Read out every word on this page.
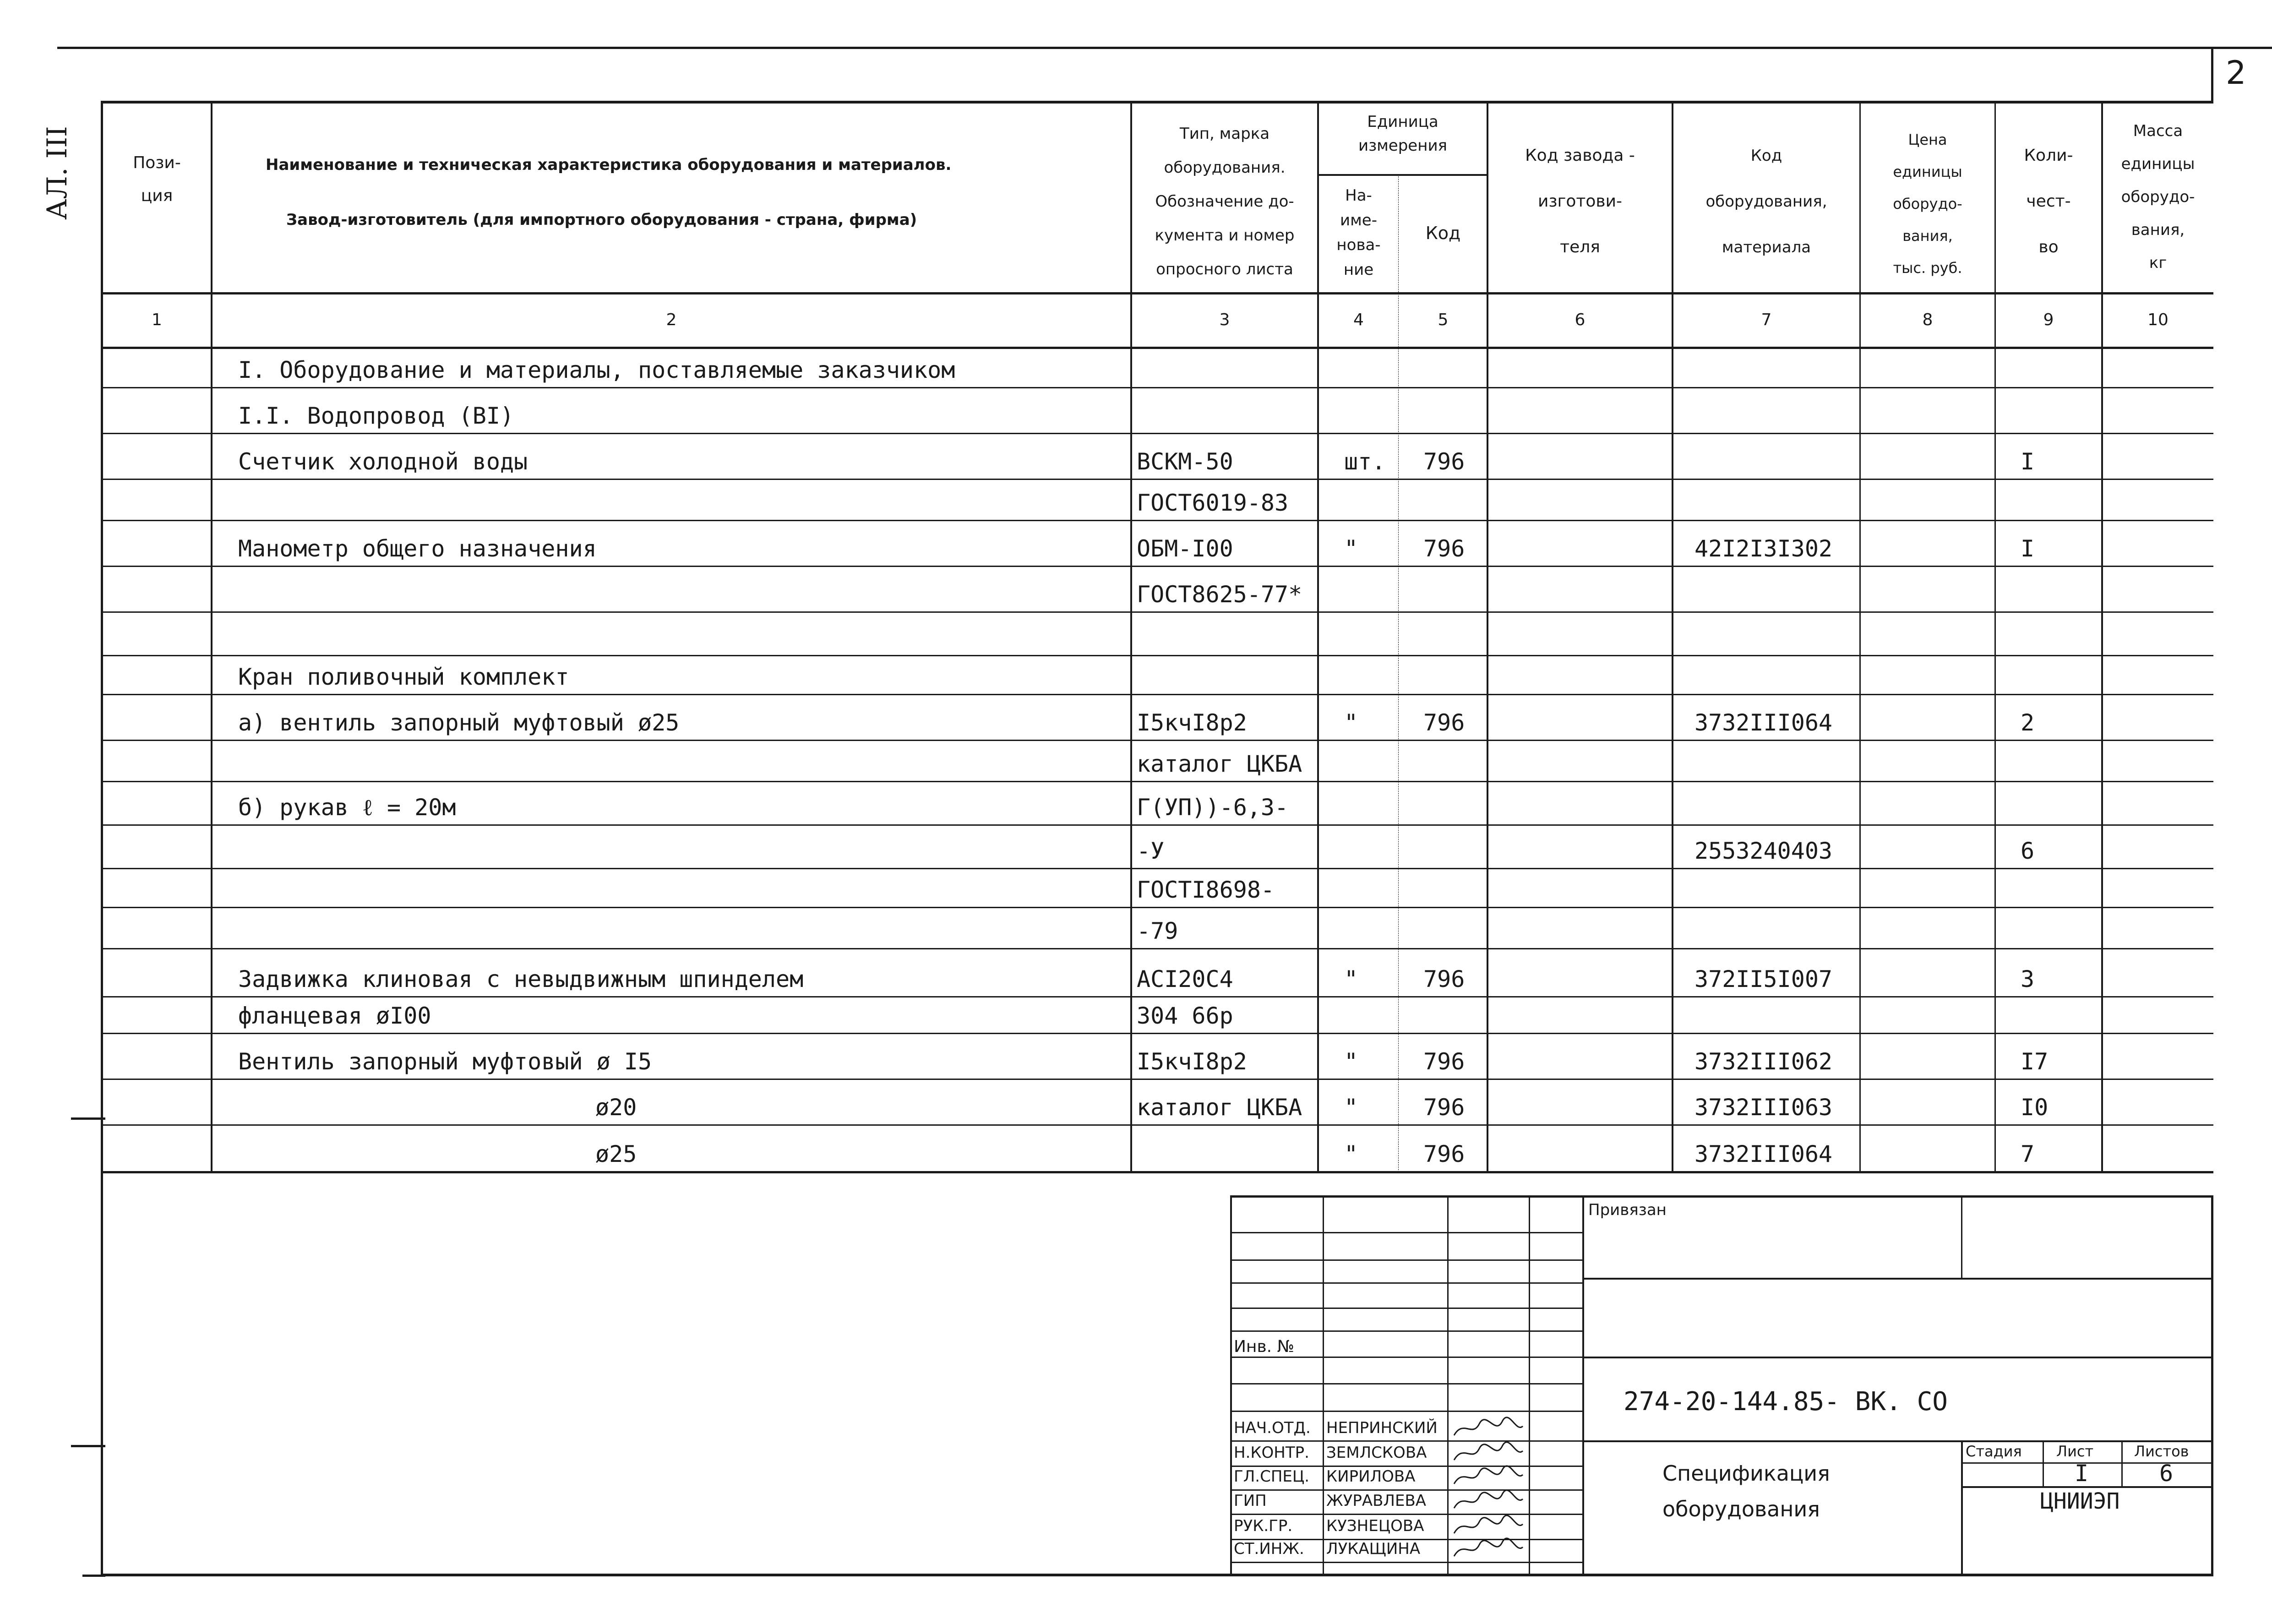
2
АЛ. III	Пози-
ция
Наименование и техническая характеристика оборудования и материалов.
Завод-изготовитель (для импортного оборудования - страна, фирма)
Тип, марка
оборудования.
Обозначение до-
кумента и номер
опросного листа
Единица
измерения
На-
име-
нова-
ние
Код
Код завода -
изготови-
теля
Код
оборудования,
материала
Цена
единицы
оборудо-
вания,
тыс. руб.
Коли-
чест-
во
Масса
единицы
оборудо-
вания,
кг
1	2	3	4	5	6	7	8	9	10
I. Оборудование и материалы, поставляемые заказчиком
I.I. Водопровод (BI)
Счетчик холодной воды	ВСКМ-50	шт. 796	I
ГОСТ6019-83
Манометр общего назначения	ОБМ-I00	"	796	42I2I3I302	I
ГОСТ8625-77*
Кран поливочный комплект
а) вентиль запорный муфтовый ø25	I5кчI8р2	"	796	3732III064	2
каталог ЦКБА
б) рукав ℓ = 20м	Г(УП))-6,3-
-У	2553240403	6
ГОСТI8698-
-79
Задвижка клиновая с невыдвижным шпинделем	ACI20C4	"	796	372II5I007	3
фланцевая øI00	304 66р
Вентиль запорный муфтовый ø I5	I5кчI8р2	"	796	3732III062	I7
ø20	каталог ЦКБА "	796	3732III063	I0
ø25	"	796	3732III064	7
Привязан
Инв. №
274-20-144.85- ВК. СО
Спецификация
оборудования
Стадия Лист	Листов
I	6
ЦНИИЭП
НАЧ.ОТД. НЕПРИНСКИЙ
Н.КОНТР. ЗЕМЛСКОВА
ГЛ.СПЕЦ. КИРИЛОВА
ГИП	ЖУРАВЛЕВА
РУК.ГР. КУЗНЕЦОВА
СТ.ИНЖ. ЛУКАЩИНА
